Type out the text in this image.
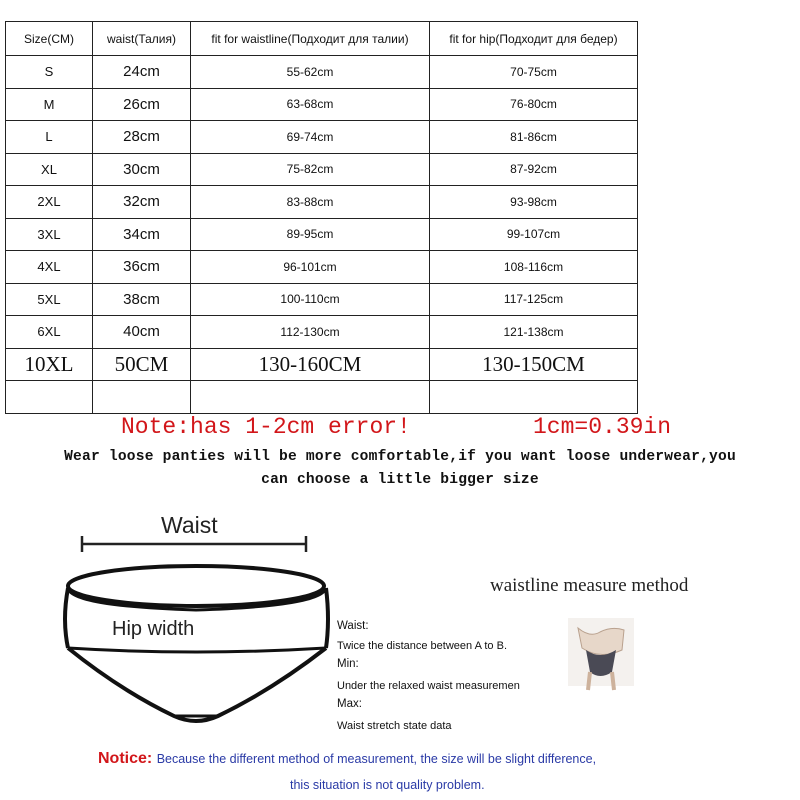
Size(CM)	waist(Талия)	fit for waistline(Подходит для талии)	fit for hip(Подходит для бедер)
S	24cm	55-62cm	70-75cm
M	26cm	63-68cm	76-80cm
L	28cm	69-74cm	81-86cm
XL	30cm	75-82cm	87-92cm
2XL	32cm	83-88cm	93-98cm
3XL	34cm	89-95cm	99-107cm
4XL	36cm	96-101cm	108-116cm
5XL	38cm	100-110cm	117-125cm
6XL	40cm	112-130cm	121-138cm
10XL	50CM	130-160CM	130-150CM

Note:has 1-2cm error!	1cm=0.39in
Wear loose panties will be more comfortable,if you want loose underwear,you
can choose a little bigger size
Waist
Hip width
waistline measure method
Waist:
Twice the distance between A to B.
Min:
Under the relaxed waist measuremen
Max:
Waist stretch state data
Notice: Because the different method of measurement, the size will be slight difference,
this situation is not quality problem.
